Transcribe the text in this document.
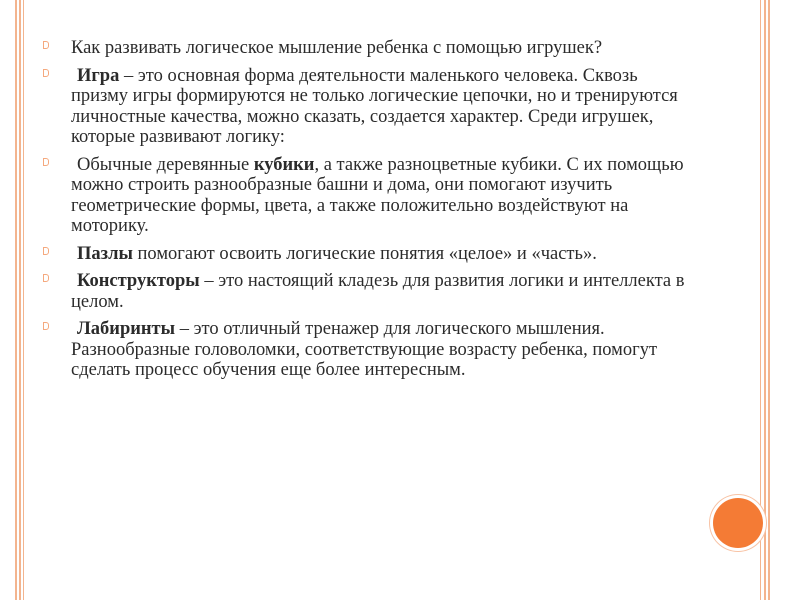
Как развивать логическое мышление ребенка с помощью игрушек?
Игра – это основная форма деятельности маленького человека. Сквозь призму игры формируются не только логические цепочки, но и тренируются личностные качества, можно сказать, создается характер. Среди игрушек, которые развивают логику:
Обычные деревянные кубики, а также разноцветные кубики. С их помощью можно строить разнообразные башни и дома, они помогают изучить геометрические формы, цвета, а также положительно воздействуют на моторику.
Пазлы помогают освоить логические понятия «целое» и «часть».
Конструкторы – это настоящий кладезь для развития логики и интеллекта в целом.
Лабиринты – это отличный тренажер для логического мышления. Разнообразные головоломки, соответствующие возрасту ребенка, помогут сделать процесс обучения еще более интересным.
